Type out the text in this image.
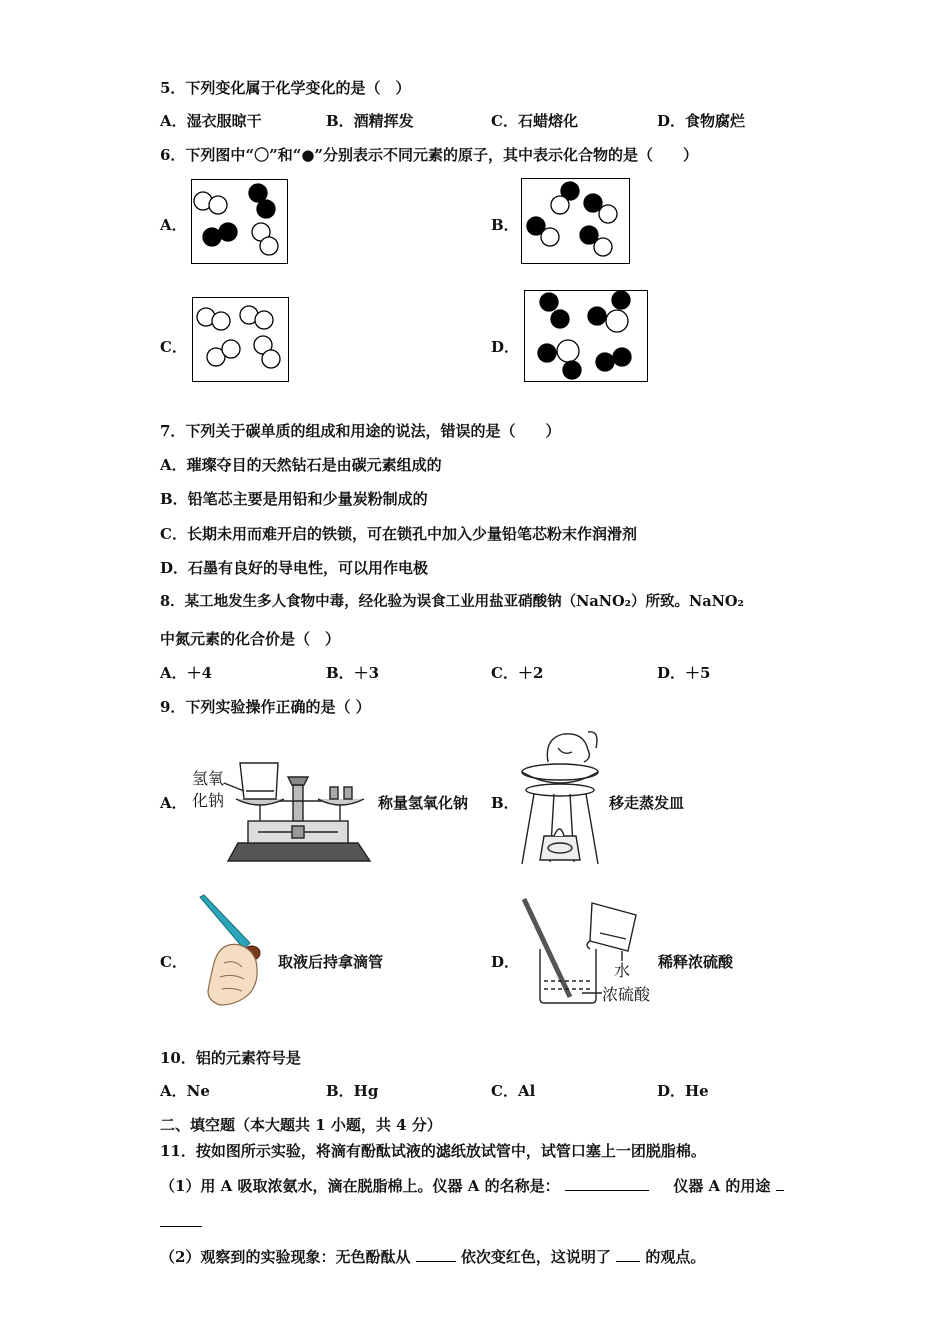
5．下列变化属于化学变化的是（　）
A．湿衣服晾干	B．酒精挥发	C．石蜡熔化	D．食物腐烂
6．下列图中“〇”和“●”分别表示不同元素的原子，其中表示化合物的是（　　）
A．	B．
C．	D．
7．下列关于碳单质的组成和用途的说法，错误的是（　　）
A．璀璨夺目的天然钻石是由碳元素组成的
B．铅笔芯主要是用铅和少量炭粉制成的
C．长期未用而难开启的铁锁，可在锁孔中加入少量铅笔芯粉末作润滑剂
D．石墨有良好的导电性，可以用作电极
8．某工地发生多人食物中毒，经化验为误食工业用盐亚硝酸钠（NaNO₂）所致。NaNO₂
中氮元素的化合价是（　）
A．＋4	B．＋3	C．＋2	D．＋5
9．下列实验操作正确的是（ ）
A．
氢氧
化钠	称量氢氧化钠 B．	移走蒸发皿
C．	取液后持拿滴管	D．	水
浓硫酸
稀释浓硫酸
10．铝的元素符号是
A．Ne	B．Hg	C．Al	D．He
二、填空题（本大题共 1 小题，共 4 分）
11．按如图所示实验，将滴有酚酞试液的滤纸放试管中，试管口塞上一团脱脂棉。
（1）用 A 吸取浓氨水，滴在脱脂棉上。仪器 A 的名称是：	仪器 A 的用途
（2）观察到的实验现象：无色酚酞从	依次变红色，这说明了 的观点。
